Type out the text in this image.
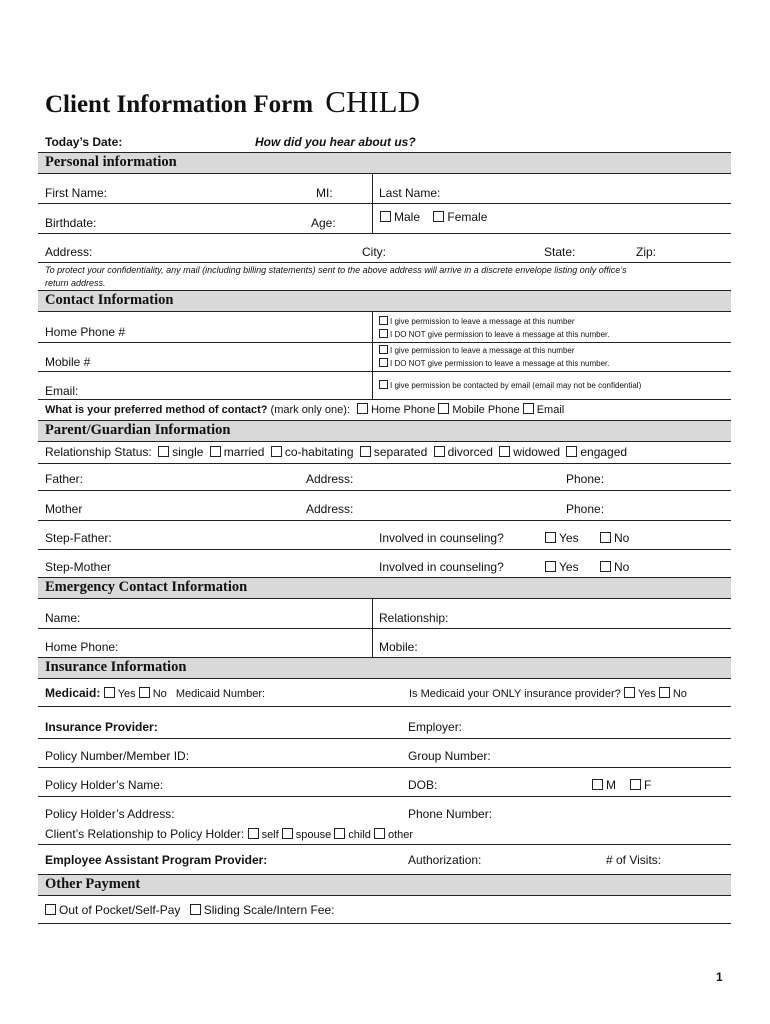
Client Information Form CHILD
Today’s Date:	How did you hear about us?
Personal information
First Name:	MI:	Last Name:
Birthdate:	Age:	Male Female
Address:	City:	State:	Zip:
To protect your confidentiality, any mail (including billing statements) sent to the above address will arrive in a discrete envelope listing only office’s
return address.
Contact Information
Home Phone #
I give permission to leave a message at this number
I DO NOT give permission to leave a message at this number.
Mobile #
I give permission to leave a message at this number
I DO NOT give permission to leave a message at this number.
Email:	I give permission be contacted by email (email may not be confidential)
What is your preferred method of contact? (mark only one): Home Phone Mobile Phone Email
Parent/Guardian Information
Relationship Status: single married co-habitating separated divorced widowed engaged
Father:	Address:	Phone:
Mother	Address:	Phone:
Step-Father:	Involved in counseling?	Yes	No
Step-Mother	Involved in counseling?	Yes	No
Emergency Contact Information
Name:	Relationship:
Home Phone:	Mobile:
Insurance Information
Medicaid: Yes No Medicaid Number:	Is Medicaid your ONLY insurance provider? Yes No
Insurance Provider:	Employer:
Policy Number/Member ID:	Group Number:
Policy Holder’s Name:	DOB:	M	F
Policy Holder’s Address:	Phone Number:
Client’s Relationship to Policy Holder: self spouse child other
Employee Assistant Program Provider:	Authorization:	# of Visits:
Other Payment
Out of Pocket/Self-Pay Sliding Scale/Intern Fee:
1
